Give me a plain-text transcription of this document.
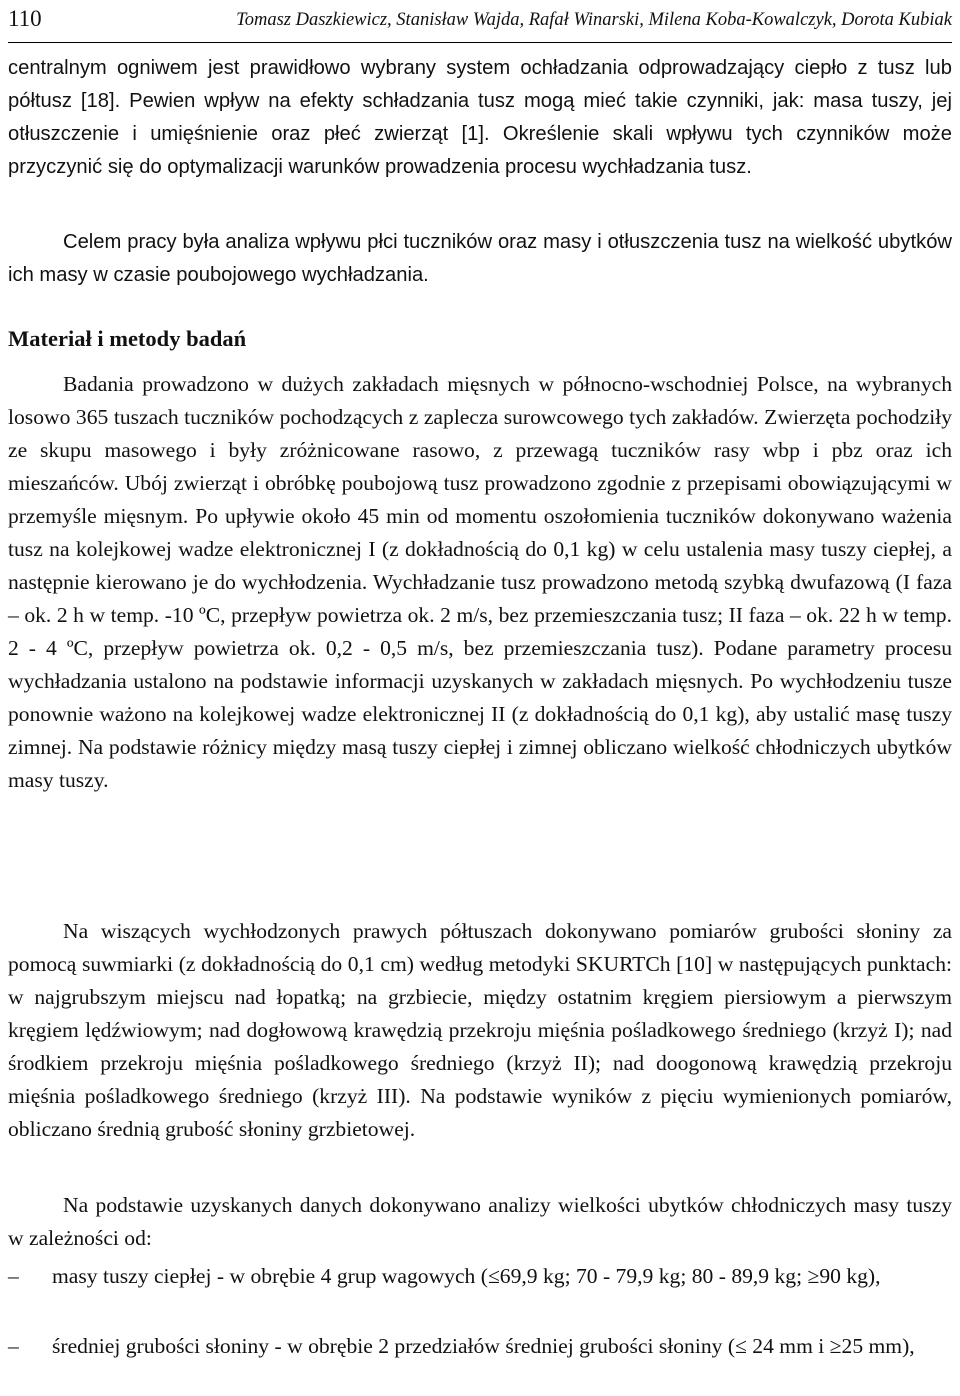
110	Tomasz Daszkiewicz, Stanisław Wajda, Rafał Winarski, Milena Koba-Kowalczyk, Dorota Kubiak

centralnym ogniwem jest prawidłowo wybrany system ochładzania odprowadzający ciepło z tusz lub półtusz [18]. Pewien wpływ na efekty schładzania tusz mogą mieć takie czynniki, jak: masa tuszy, jej otłuszczenie i umięśnienie oraz płeć zwierząt [1]. Określenie skali wpływu tych czynników może przyczynić się do optymalizacji warunków prowadzenia procesu wychładzania tusz.

Celem pracy była analiza wpływu płci tuczników oraz masy i otłuszczenia tusz na wielkość ubytków ich masy w czasie poubojowego wychładzania.

Materiał i metody badań

Badania prowadzono w dużych zakładach mięsnych w północno-wschodniej Polsce, na wybranych losowo 365 tuszach tuczników pochodzących z zaplecza surowcowego tych zakładów. Zwierzęta pochodziły ze skupu masowego i były zróżnicowane rasowo, z przewagą tuczników rasy wbp i pbz oraz ich mieszańców. Ubój zwierząt i obróbkę poubojową tusz prowadzono zgodnie z przepisami obowiązującymi w przemyśle mięsnym. Po upływie około 45 min od momentu oszołomienia tuczników dokonywano ważenia tusz na kolejkowej wadze elektronicznej I (z dokładnością do 0,1 kg) w celu ustalenia masy tuszy ciepłej, a następnie kierowano je do wychłodzenia. Wychładzanie tusz prowadzono metodą szybką dwufazową (I faza – ok. 2 h w temp. -10 ºC, przepływ powietrza ok. 2 m/s, bez przemieszczania tusz; II faza – ok. 22 h w temp. 2 - 4 ºC, przepływ powietrza ok. 0,2 - 0,5 m/s, bez przemieszczania tusz). Podane parametry procesu wychładzania ustalono na podstawie informacji uzyskanych w zakładach mięsnych. Po wychłodzeniu tusze ponownie ważono na kolejkowej wadze elektronicznej II (z dokładnością do 0,1 kg), aby ustalić masę tuszy zimnej. Na podstawie różnicy między masą tuszy ciepłej i zimnej obliczano wielkość chłodniczych ubytków masy tuszy.

Na wiszących wychłodzonych prawych półtuszach dokonywano pomiarów grubości słoniny za pomocą suwmiarki (z dokładnością do 0,1 cm) według metodyki SKURTCh [10] w następujących punktach: w najgrubszym miejscu nad łopatką; na grzbiecie, między ostatnim kręgiem piersiowym a pierwszym kręgiem lędźwiowym; nad dogłowową krawędzią przekroju mięśnia pośladkowego średniego (krzyż I); nad środkiem przekroju mięśnia pośladkowego średniego (krzyż II); nad doogonową krawędzią przekroju mięśnia pośladkowego średniego (krzyż III). Na podstawie wyników z pięciu wymienionych pomiarów, obliczano średnią grubość słoniny grzbietowej.

Na podstawie uzyskanych danych dokonywano analizy wielkości ubytków chłodniczych masy tuszy w zależności od:

–	masy tuszy ciepłej - w obrębie 4 grup wagowych (≤69,9 kg; 70 - 79,9 kg; 80 - 89,9 kg; ≥90 kg),
–	średniej grubości słoniny - w obrębie 2 przedziałów średniej grubości słoniny (≤ 24 mm i ≥25 mm),
